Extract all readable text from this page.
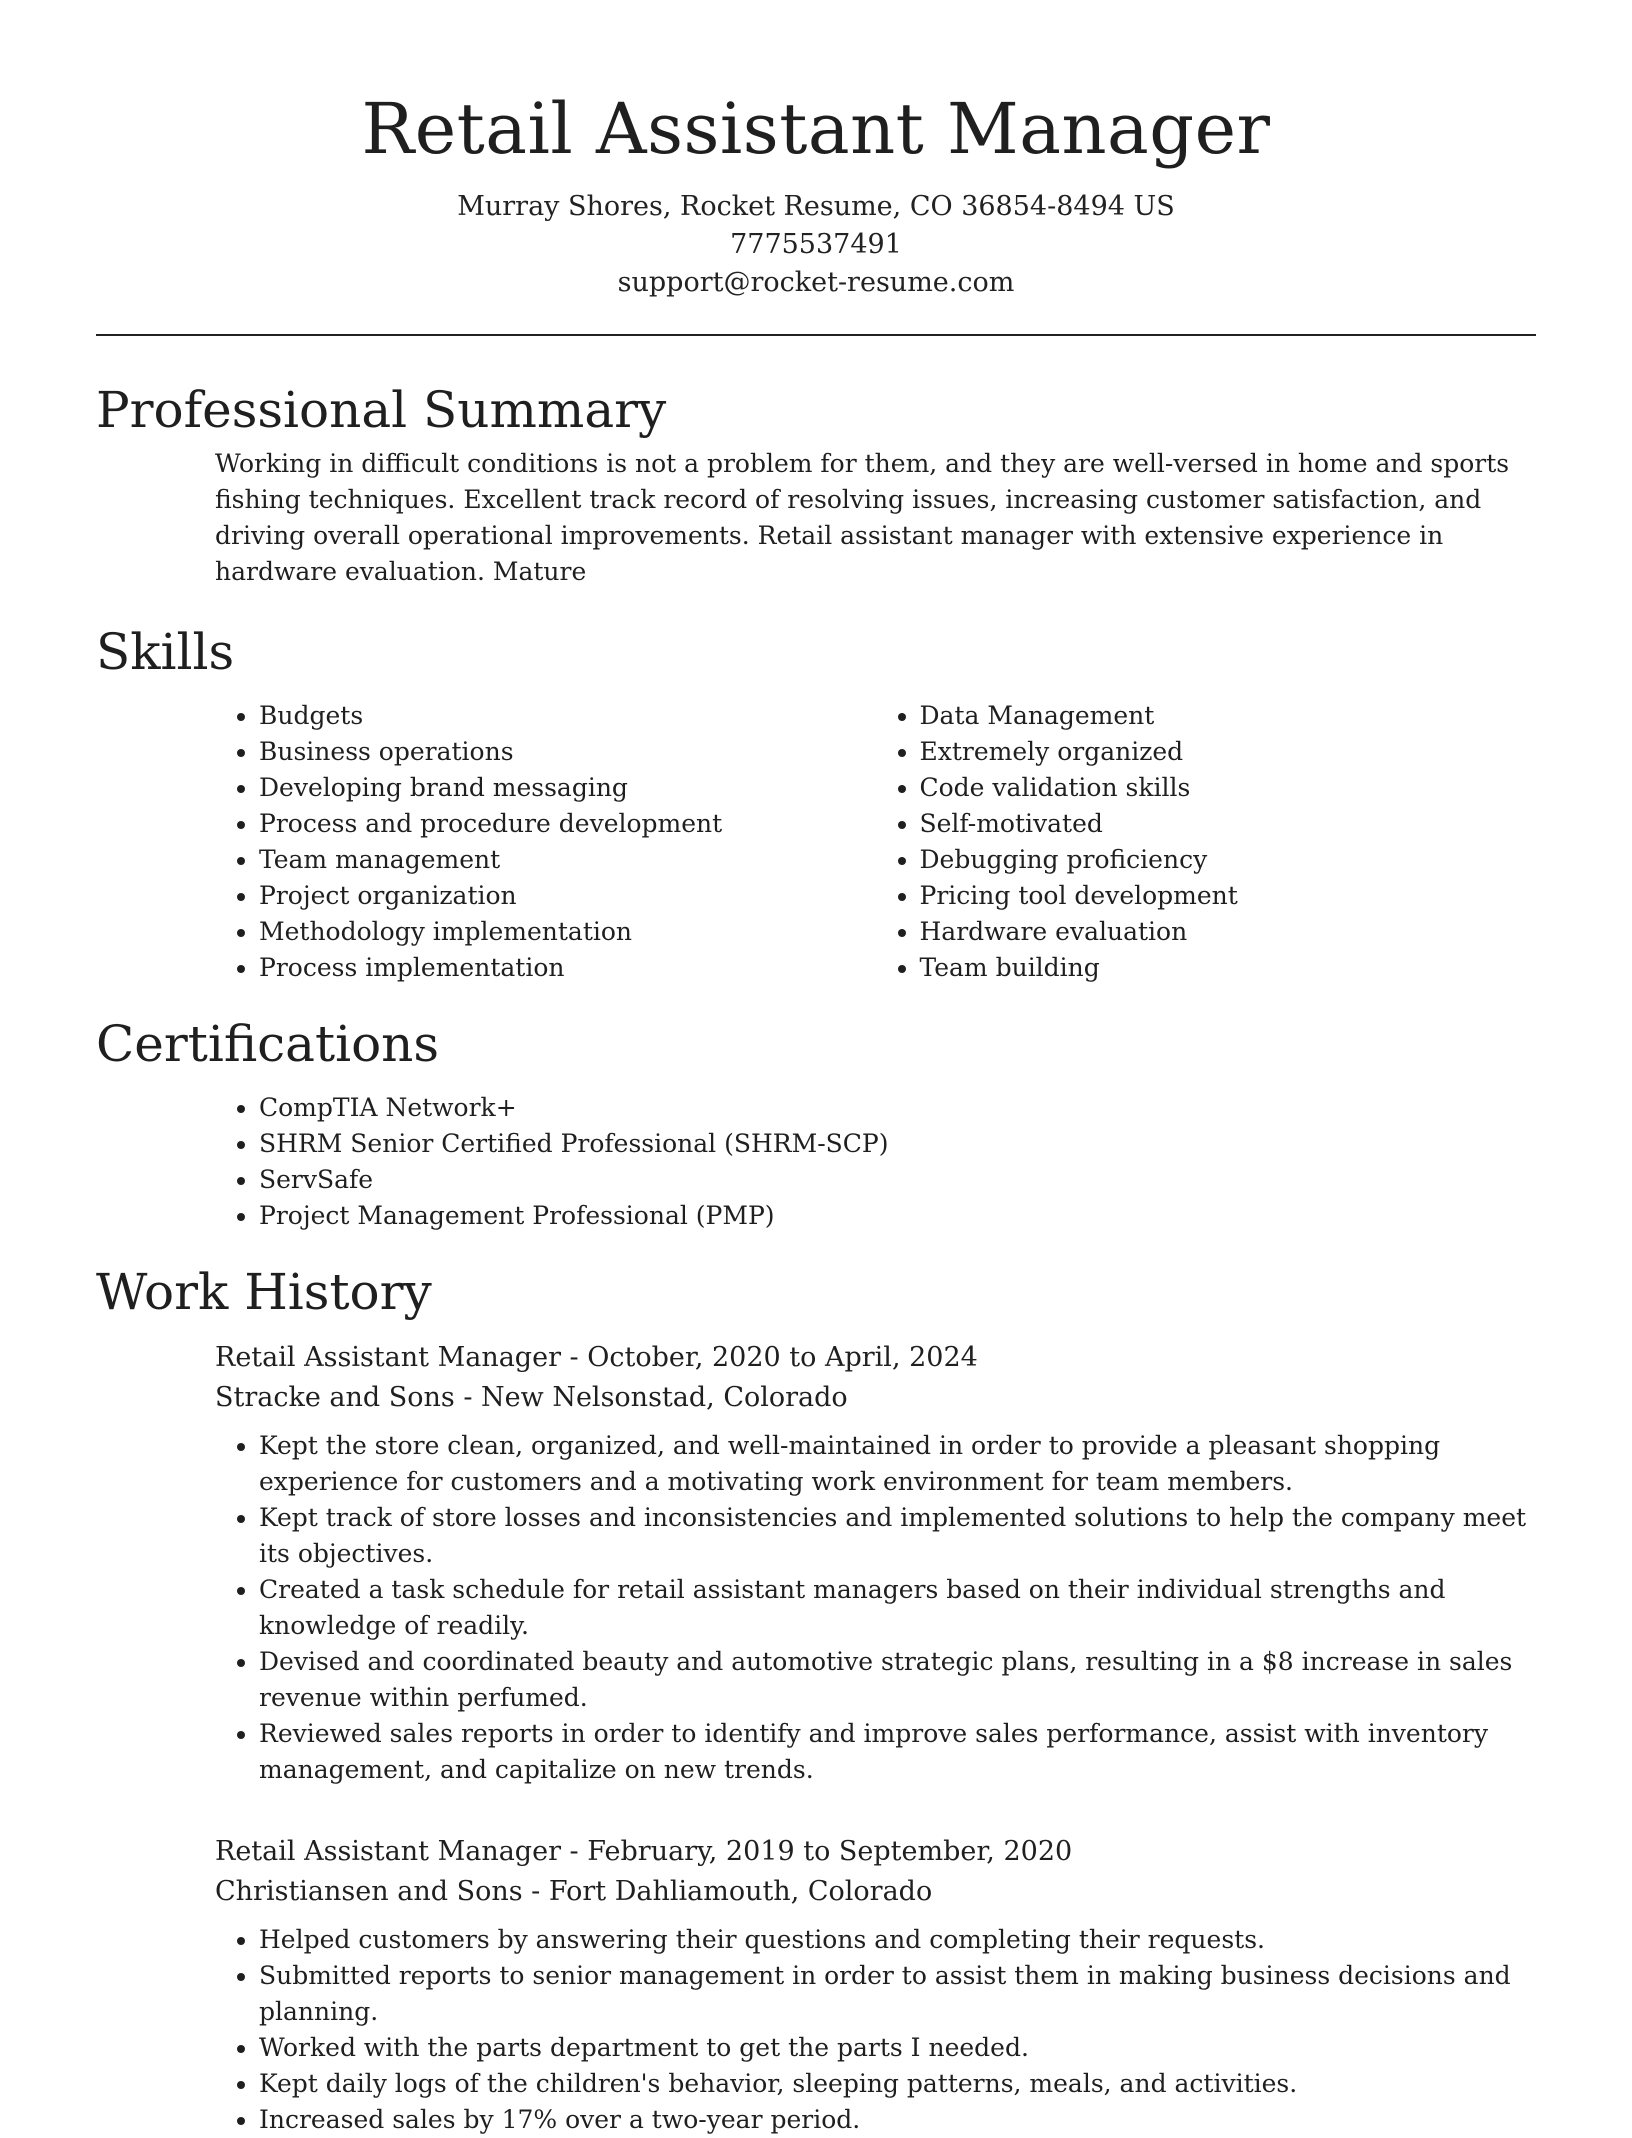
Retail Assistant Manager
Murray Shores, Rocket Resume, CO 36854-8494 US
7775537491
support@rocket-resume.com
Professional Summary
Working in difficult conditions is not a problem for them, and they are well-versed in home and sports fishing techniques. Excellent track record of resolving issues, increasing customer satisfaction, and driving overall operational improvements. Retail assistant manager with extensive experience in hardware evaluation. Mature
Skills
• Budgets
• Business operations
• Developing brand messaging
• Process and procedure development
• Team management
• Project organization
• Methodology implementation
• Process implementation
• Data Management
• Extremely organized
• Code validation skills
• Self-motivated
• Debugging proficiency
• Pricing tool development
• Hardware evaluation
• Team building
Certifications
• CompTIA Network+
• SHRM Senior Certified Professional (SHRM-SCP)
• ServSafe
• Project Management Professional (PMP)
Work History
Retail Assistant Manager - October, 2020 to April, 2024
Stracke and Sons - New Nelsonstad, Colorado
• Kept the store clean, organized, and well-maintained in order to provide a pleasant shopping experience for customers and a motivating work environment for team members.
• Kept track of store losses and inconsistencies and implemented solutions to help the company meet its objectives.
• Created a task schedule for retail assistant managers based on their individual strengths and knowledge of readily.
• Devised and coordinated beauty and automotive strategic plans, resulting in a $8 increase in sales revenue within perfumed.
• Reviewed sales reports in order to identify and improve sales performance, assist with inventory management, and capitalize on new trends.
Retail Assistant Manager - February, 2019 to September, 2020
Christiansen and Sons - Fort Dahliamouth, Colorado
• Helped customers by answering their questions and completing their requests.
• Submitted reports to senior management in order to assist them in making business decisions and planning.
• Worked with the parts department to get the parts I needed.
• Kept daily logs of the children's behavior, sleeping patterns, meals, and activities.
• Increased sales by 17% over a two-year period.
